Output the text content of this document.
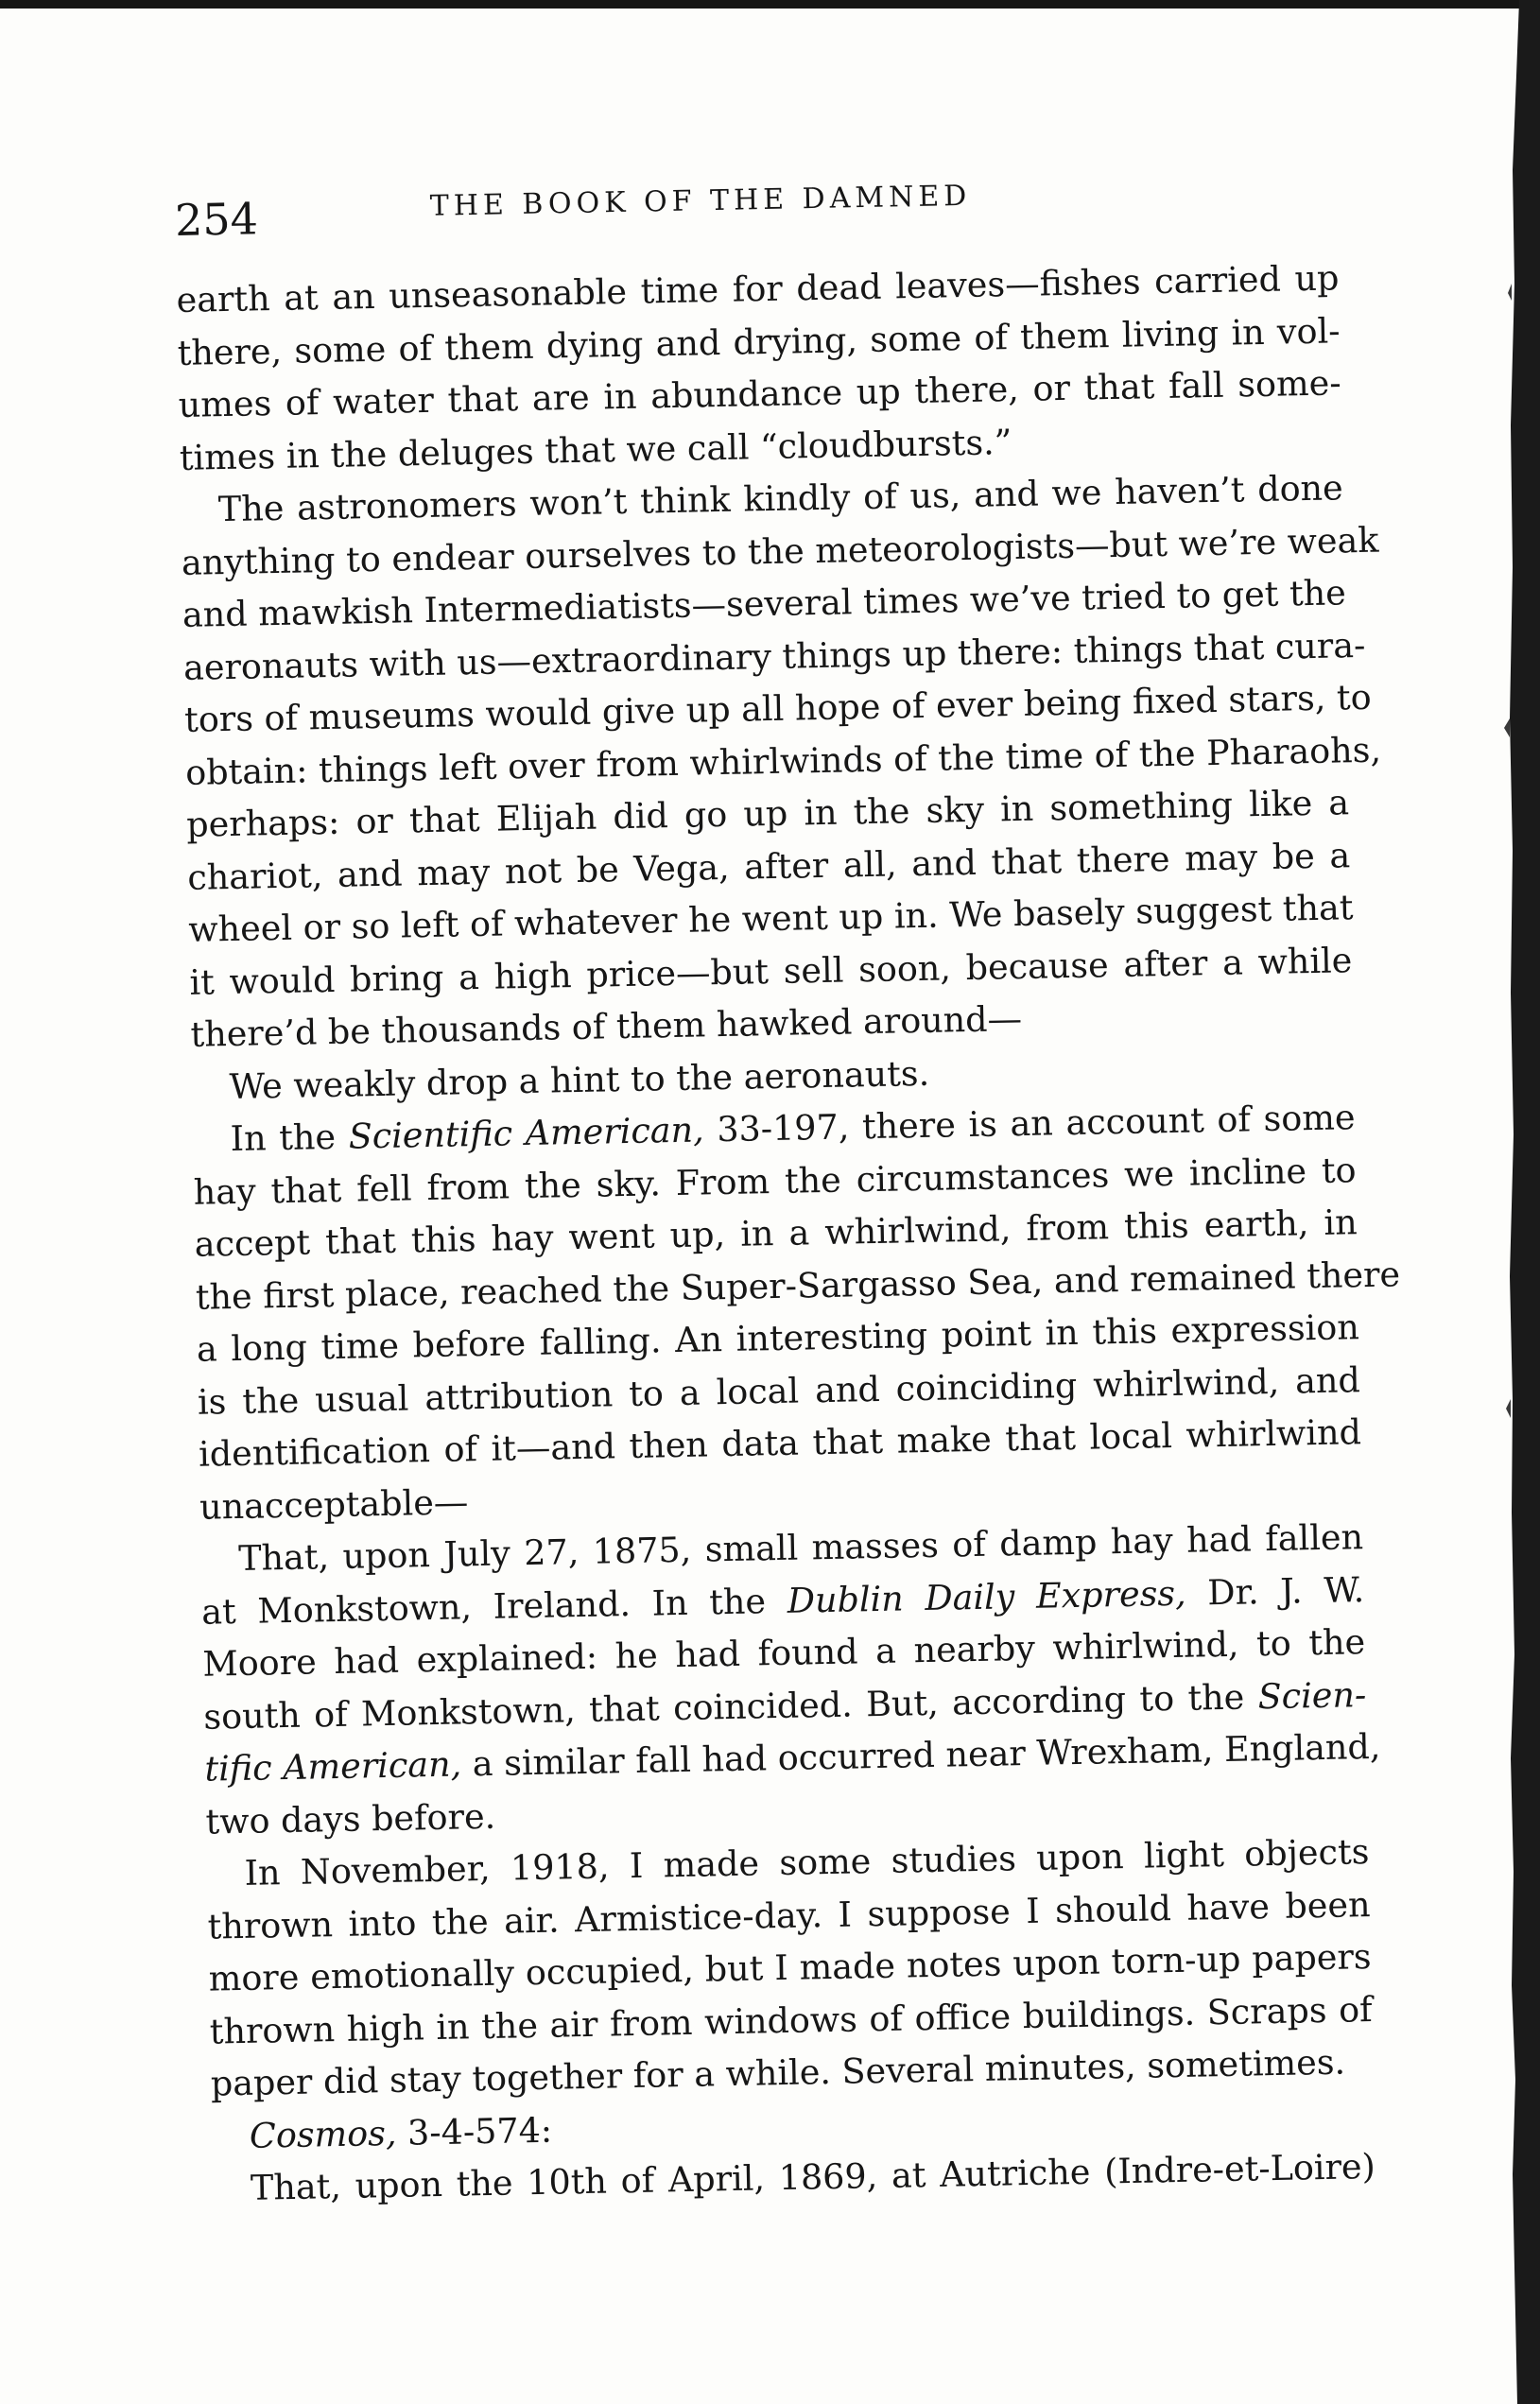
254	THE BOOK OF THE DAMNED
earth at an unseasonable time for dead leaves—fishes carried up
there, some of them dying and drying, some of them living in vol-
umes of water that are in abundance up there, or that fall some-
times in the deluges that we call “cloudbursts.”
The astronomers won’t think kindly of us, and we haven’t done
anything to endear ourselves to the meteorologists—but we’re weak
and mawkish Intermediatists—several times we’ve tried to get the
aeronauts with us—extraordinary things up there: things that cura-
tors of museums would give up all hope of ever being fixed stars, to
obtain: things left over from whirlwinds of the time of the Pharaohs,
perhaps: or that Elijah did go up in the sky in something like a
chariot, and may not be Vega, after all, and that there may be a
wheel or so left of whatever he went up in. We basely suggest that
it would bring a high price—but sell soon, because after a while
there’d be thousands of them hawked around—
We weakly drop a hint to the aeronauts.
In the Scientific American, 33-197, there is an account of some
hay that fell from the sky. From the circumstances we incline to
accept that this hay went up, in a whirlwind, from this earth, in
the first place, reached the Super-Sargasso Sea, and remained there
a long time before falling. An interesting point in this expression
is the usual attribution to a local and coinciding whirlwind, and
identification of it—and then data that make that local whirlwind
unacceptable—
That, upon July 27, 1875, small masses of damp hay had fallen
at Monkstown, Ireland. In the Dublin Daily Express, Dr. J. W.
Moore had explained: he had found a nearby whirlwind, to the
south of Monkstown, that coincided. But, according to the Scien-
tific American, a similar fall had occurred near Wrexham, England,
two days before.
In November, 1918, I made some studies upon light objects
thrown into the air. Armistice-day. I suppose I should have been
more emotionally occupied, but I made notes upon torn-up papers
thrown high in the air from windows of office buildings. Scraps of
paper did stay together for a while. Several minutes, sometimes.
Cosmos, 3-4-574:
That, upon the 10th of April, 1869, at Autriche (Indre-et-Loire)
